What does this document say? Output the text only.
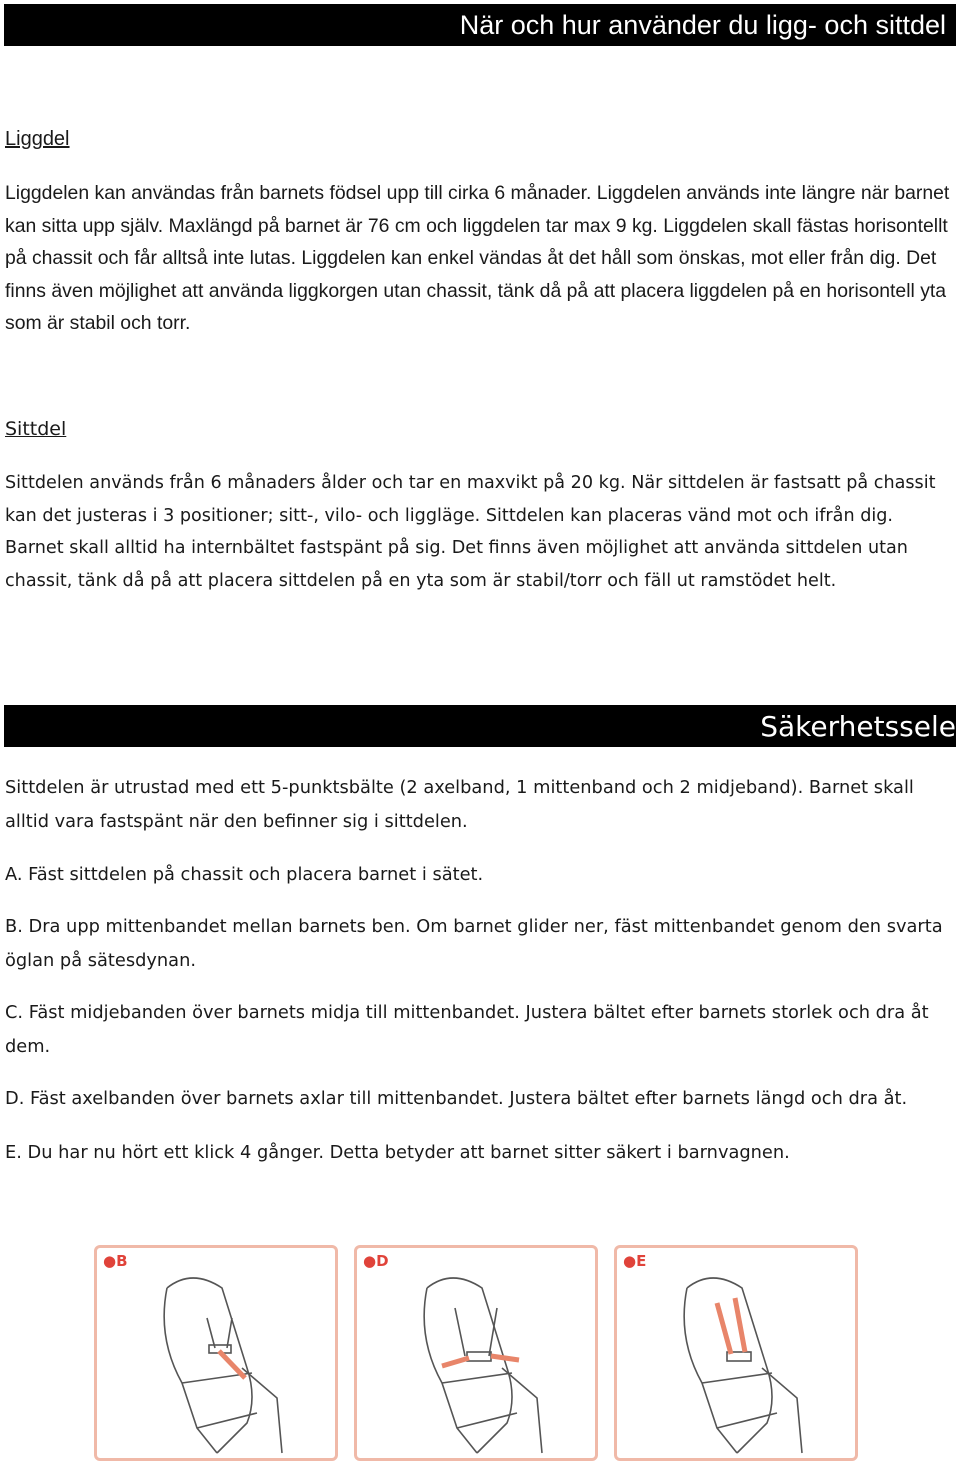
När och hur använder du ligg- och sittdel
Liggdel

Liggdelen kan användas från barnets födsel upp till cirka 6 månader. Liggdelen används inte längre när barnet kan sitta upp själv. Maxlängd på barnet är 76 cm och liggdelen tar max 9 kg. Liggdelen skall fästas horisontellt på chassit och får alltså inte lutas. Liggdelen kan enkel vändas åt det håll som önskas, mot eller från dig. Det finns även möjlighet att använda liggkorgen utan chassit, tänk då på att placera liggdelen på en horisontell yta som är stabil och torr.

Sittdel

Sittdelen används från 6 månaders ålder och tar en maxvikt på 20 kg. När sittdelen är fastsatt på chassit kan det justeras i 3 positioner; sitt-, vilo- och liggläge. Sittdelen kan placeras vänd mot och ifrån dig. Barnet skall alltid ha internbältet fastspänt på sig. Det finns även möjlighet att använda sittdelen utan chassit, tänk då på att placera sittdelen på en yta som är stabil/torr och fäll ut ramstödet helt.

Säkerhetssele

Sittdelen är utrustad med ett 5-punktsbälte (2 axelband, 1 mittenband och 2 midjeband). Barnet skall alltid vara fastspänt när den befinner sig i sittdelen.

A. Fäst sittdelen på chassit och placera barnet i sätet.

B. Dra upp mittenbandet mellan barnets ben. Om barnet glider ner, fäst mittenbandet genom den svarta öglan på sätesdynan.

C. Fäst midjebanden över barnets midja till mittenbandet. Justera bältet efter barnets storlek och dra åt dem.

D. Fäst axelbanden över barnets axlar till mittenbandet. Justera bältet efter barnets längd och dra åt.

E. Du har nu hört ett klick 4 gånger. Detta betyder att barnet sitter säkert i barnvagnen.

●B	●D	●E
